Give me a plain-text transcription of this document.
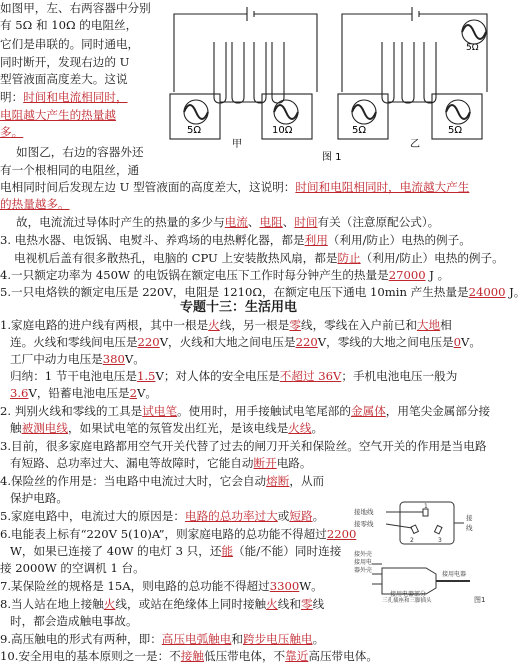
如图甲，左、右两容器中分别
有 5Ω 和 10Ω 的电阻丝，
它们是串联的。同时通电，
同时断开，发现右边的 U
型管液面高度差大。这说
明：时间和电流相同时，
电阻越大产生的热量越
多。
如图乙，右边的容器外还
有一个根相同的电阻丝，通
电相同时间后发现左边 U 型管液面的高度差大，这说明：时间和电阻相同时，电流越大产生
的热量越多。
故，电流流过导体时产生的热量的多少与电流、电阻、时间有关（注意原配公式）。
5Ω	10Ω
甲
5Ω	5Ω
5Ω
乙
图 1
3. 电热水器、电饭锅、电熨斗、养鸡场的电热孵化器，都是利用（利用/防止）电热的例子。
电视机后盖有很多散热孔，电脑的 CPU 上安装散热风扇，都是防止（利用/防止）电热的例子。
4.一只额定功率为 450W 的电饭锅在额定电压下工作时每分钟产生的热量是27000 J 。
5.一只电烙铁的额定电压是 220V，电阻是 1210Ω，在额定电压下通电 10min 产生热量是24000 J。
专题十三：生活用电
1.家庭电路的进户线有两根，其中一根是火线，另一根是零线，零线在入户前已和大地相
连。火线和零线间电压是220V，火线和大地之间电压是220V，零线的大地之间电压是0V。
工厂中动力电压是380V。
归纳：1 节干电池电压是1.5V；对人体的安全电压是不超过 36V；手机电池电压一般为
3.6V，铅蓄电池电压是2V。
2. 判别火线和零线的工具是试电笔。使用时，用手接触试电笔尾部的金属体，用笔尖金属部分接
触被测电线，如果试电笔的氖管发出红光，是该电线是火线。
3.目前，很多家庭电路都用空气开关代替了过去的闸刀开关和保险丝。空气开关的作用是当电路
有短路、总功率过大、漏电等故障时，它能自动断开电路。
4.保险丝的作用是：当电路中电流过大时，它会自动熔断，从而
保护电路。
5.家庭电路中，电流过大的原因是：电路的总功率过大或短路。
6.电能表上标有“220V 5(10)A”，则家庭电路的总功能不得超过2200
W，如果已连接了 40W 的电灯 3 只，还能（能/不能）同时连接
接 2000W 的空调机 1 台。
7.某保险丝的规格是 15A，则电路的总功能不得超过3300W。
8.当人站在地上接触火线，或站在绝缘体上同时接触火线和零线
时，都会造成触电事故。
9.高压触电的形式有两种，即：高压电弧触电和跨步电压触电。
10.安全用电的基本原则之一是：不接触低压带电体，不靠近高压带电体。
接地线
接零线
接
线
1
2	3
接外壳
接用电
器外壳
接用电器
接用电器部分
三孔插座和三脚插头	图1
